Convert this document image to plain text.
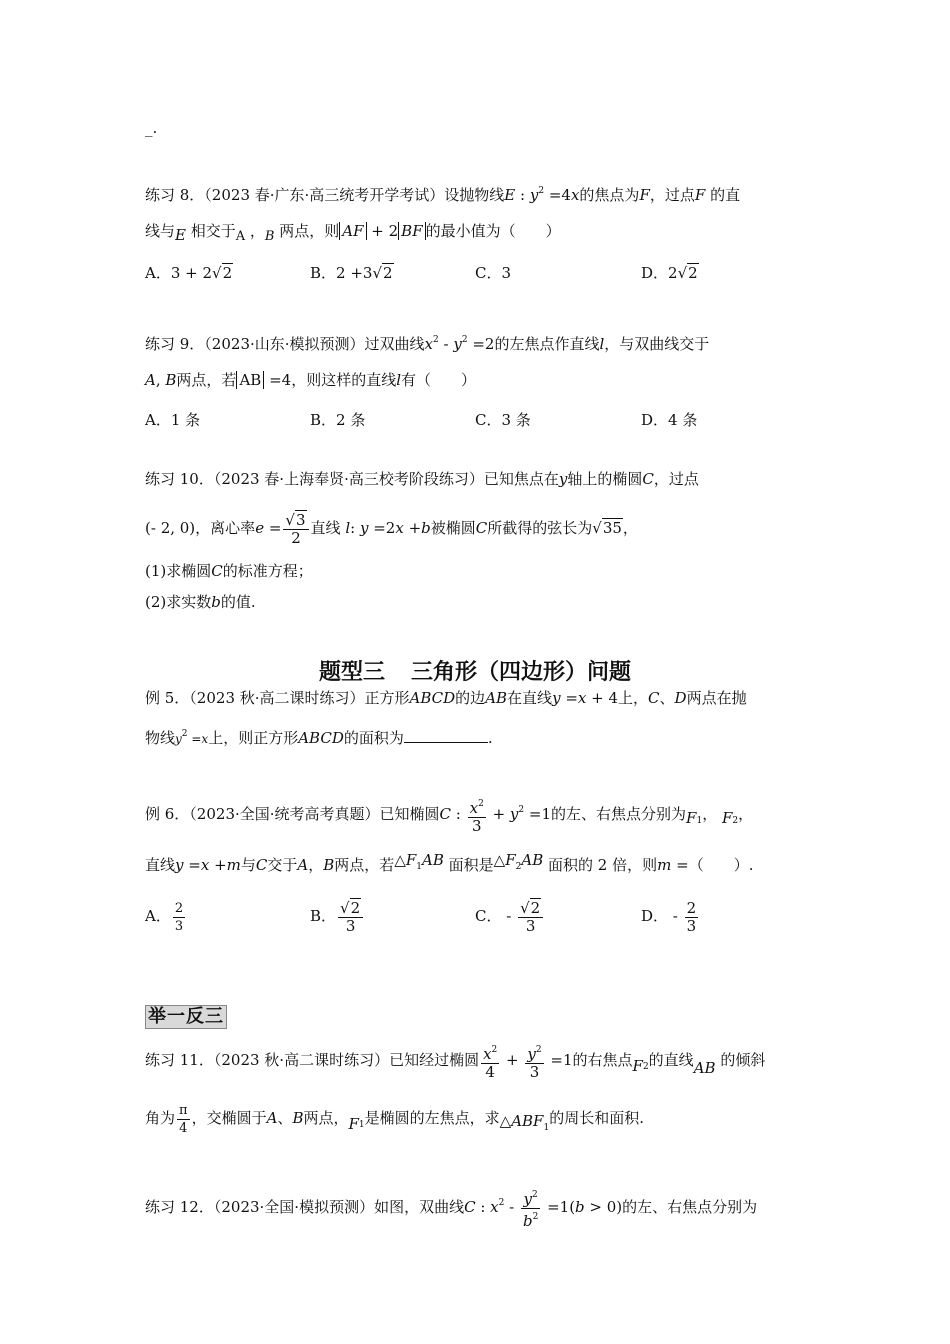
_.
练习 8．（2023 春·广东·高三统考开学考试）设抛物线E : $y^2 =4x$的焦点为F，过点F 的直
线与E 相交于A ，B 两点，则 AF + 2 BF 的最小值为（　　）
A．3 + 2√2	B．2 +3√2	C．3	D．2√2
练习 9．（2023·山东·模拟预测）过双曲线$x^2 - y^2 =2$的左焦点作直线l，与双曲线交于
A, B两点，若 AB =4，则这样的直线l有（　　）
A．1 条	B．2 条	C．3 条	D．4 条
练习 10．（2023 春·上海奉贤·高三校考阶段练习）已知焦点在y轴上的椭圆C，过点
(- 2, 0)，离心率$e = \frac{√3}{2}$ 直线 l: y =2x +b被椭圆C所截得的弦长为√35，
(1)求椭圆C的标准方程；
(2)求实数b的值.
题型三 三角形（四边形）问题
例 5．（2023 秋·高二课时练习）正方形ABCD的边AB在直线y =x + 4上，C、D两点在抛
物线$y^2 =x$上，则正方形ABCD的面积为	.
例 6．（2023·全国·统考高考真题）已知椭圆C : $\frac{x^2}{3} + y^2 =1$的左、右焦点分别为$F_1$， $F_2$，
直线y =x +m与C交于A，B两点，若$\triangle F_1AB$ 面积是$\triangle F_2AB$ 面积的 2 倍，则m =（　　）.
A． $\frac{2}{3}$	B． $\frac{√2}{3}$	C． - $\frac{√2}{3}$	D． - $\frac{2}{3}$
举一反三
练习 11．（2023 秋·高二课时练习）已知经过椭圆 $\frac{x^2}{4} + \frac{y^2}{3} =1$的右焦点$F_2$的直线AB 的倾斜
角为 $\frac{\pi}{4}$ ，交椭圆于A、B两点，$F_1$是椭圆的左焦点，求$\triangle ABF_1$的周长和面积.
练习 12．（2023·全国·模拟预测）如图，双曲线C : $x^2 - \frac{y^2}{b^2} =1(b > 0)$的左、右焦点分别为
